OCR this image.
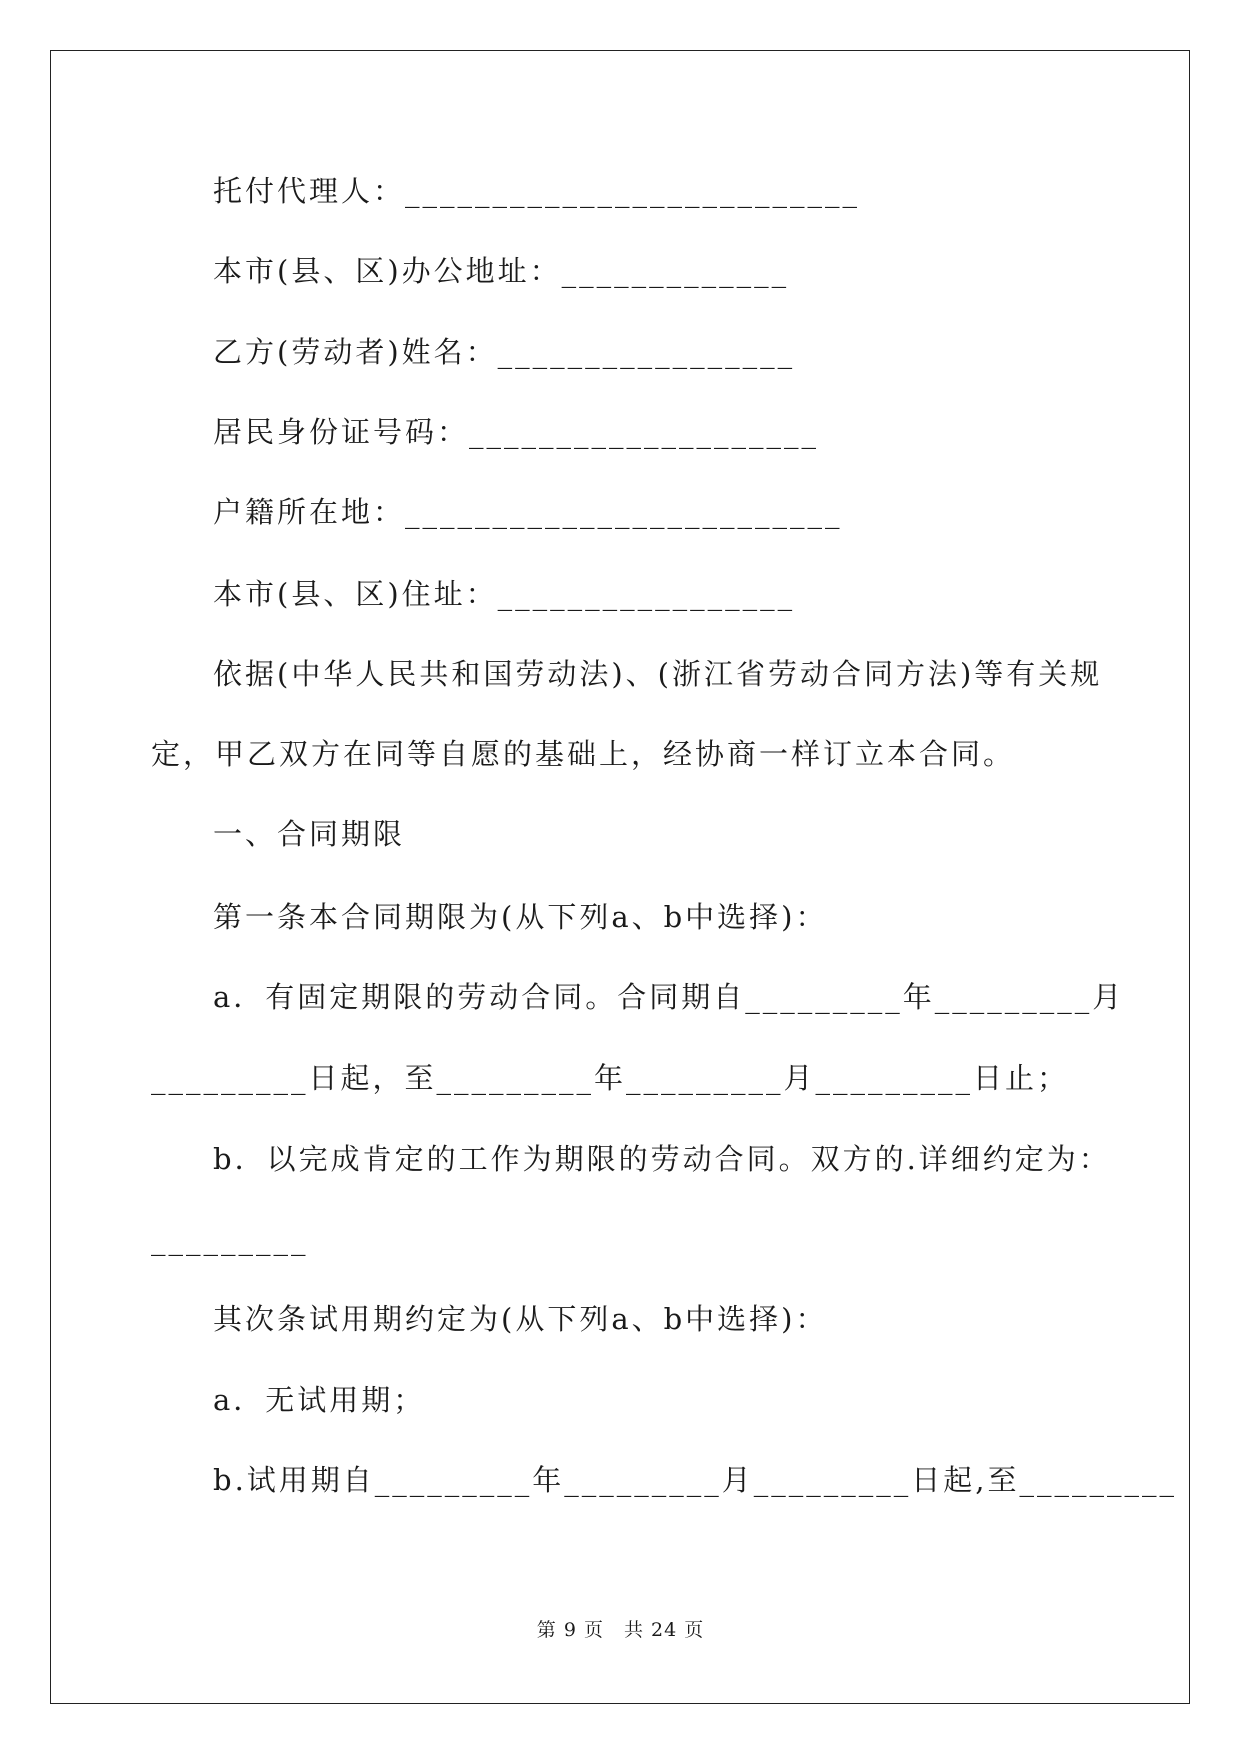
托付代理人：__________________________
本市(县、区)办公地址：_____________
乙方(劳动者)姓名：_________________
居民身份证号码：____________________
户籍所在地：_________________________
本市(县、区)住址：_________________
依据(中华人民共和国劳动法)、(浙江省劳动合同方法)等有关规
定，甲乙双方在同等自愿的基础上，经协商一样订立本合同。
一、合同期限
第一条本合同期限为(从下列a、b中选择)：
a．有固定期限的劳动合同。合同期自_________年_________月
_________日起，至_________年_________月_________日止；
b．以完成肯定的工作为期限的劳动合同。双方的.详细约定为：
_________
其次条试用期约定为(从下列a、b中选择)：
a．无试用期；
b.试用期自_________年_________月_________日起,至_________
第 9 页　共 24 页
